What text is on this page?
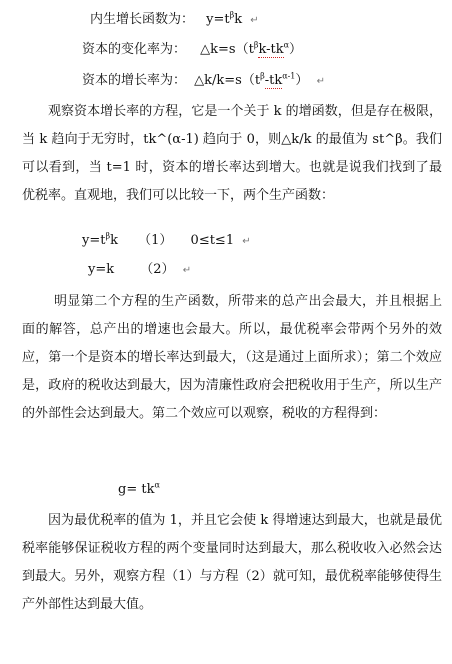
内生增长函数为： $y=t^\beta k$ ↵
资本的变化率为： $\triangle k=s(t^\beta k-tk^\alpha)$
资本的增长率为： $\triangle k/k=s(t^\beta-tk^{\alpha-1})$ ↵
观察资本增长率的方程，它是一个关于 k 的增函数，但是存在极限，当 k 趋向于无穷时，tk^(α-1) 趋向于 0，则△k/k 的最值为 st^β。我们可以看到，当 t=1 时，资本的增长率达到增大。也就是说我们找到了最优税率。直观地，我们可以比较一下，两个生产函数：
$y=t^\beta k$ （1） 0≤t≤1 ↵
y=k （2） ↵
明显第二个方程的生产函数，所带来的总产出会最大，并且根据上面的解答，总产出的增速也会最大。所以，最优税率会带两个另外的效应，第一个是资本的增长率达到最大，（这是通过上面所求）；第二个效应是，政府的税收达到最大，因为清廉性政府会把税收用于生产，所以生产的外部性会达到最大。第二个效应可以观察，税收的方程得到：
$g= tk^\alpha$
因为最优税率的值为 1，并且它会使 k 得增速达到最大，也就是最优税率能够保证税收方程的两个变量同时达到最大，那么税收收入必然会达到最大。另外，观察方程（1）与方程（2）就可知，最优税率能够使得生产外部性达到最大值。
